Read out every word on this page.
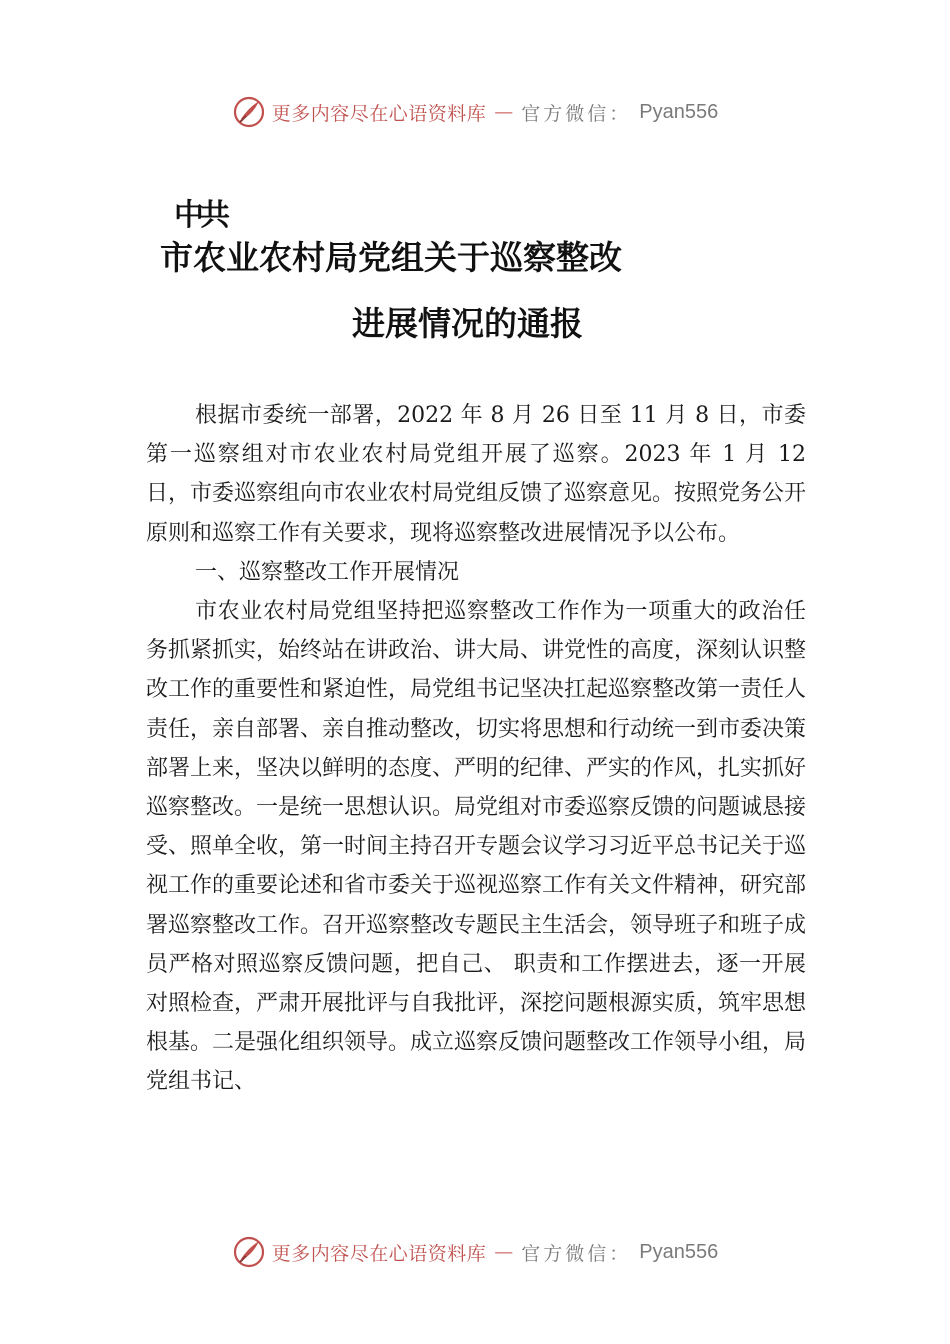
更多内容尽在心语资料库 — 官方微信： Pyan556
中共
市农业农村局党组关于巡察整改
进展情况的通报

根据市委统一部署，2022 年 8 月 26 日至 11 月 8 日，市委第一巡察组对市农业农村局党组开展了巡察。2023 年 1 月 12 日，市委巡察组向市农业农村局党组反馈了巡察意见。按照党务公开原则和巡察工作有关要求，现将巡察整改进展情况予以公布。

一、巡察整改工作开展情况

市农业农村局党组坚持把巡察整改工作作为一项重大的政治任务抓紧抓实，始终站在讲政治、讲大局、讲党性的高度，深刻认识整改工作的重要性和紧迫性，局党组书记坚决扛起巡察整改第一责任人责任，亲自部署、亲自推动整改，切实将思想和行动统一到市委决策部署上来，坚决以鲜明的态度、严明的纪律、严实的作风，扎实抓好巡察整改。一是统一思想认识。局党组对市委巡察反馈的问题诚恳接受、照单全收，第一时间主持召开专题会议学习习近平总书记关于巡视工作的重要论述和省市委关于巡视巡察工作有关文件精神，研究部署巡察整改工作。召开巡察整改专题民主生活会，领导班子和班子成员严格对照巡察反馈问题，把自己、 职责和工作摆进去，逐一开展对照检查，严肃开展批评与自我批评，深挖问题根源实质，筑牢思想根基。二是强化组织领导。成立巡察反馈问题整改工作领导小组，局党组书记、

更多内容尽在心语资料库 — 官方微信： Pyan556
